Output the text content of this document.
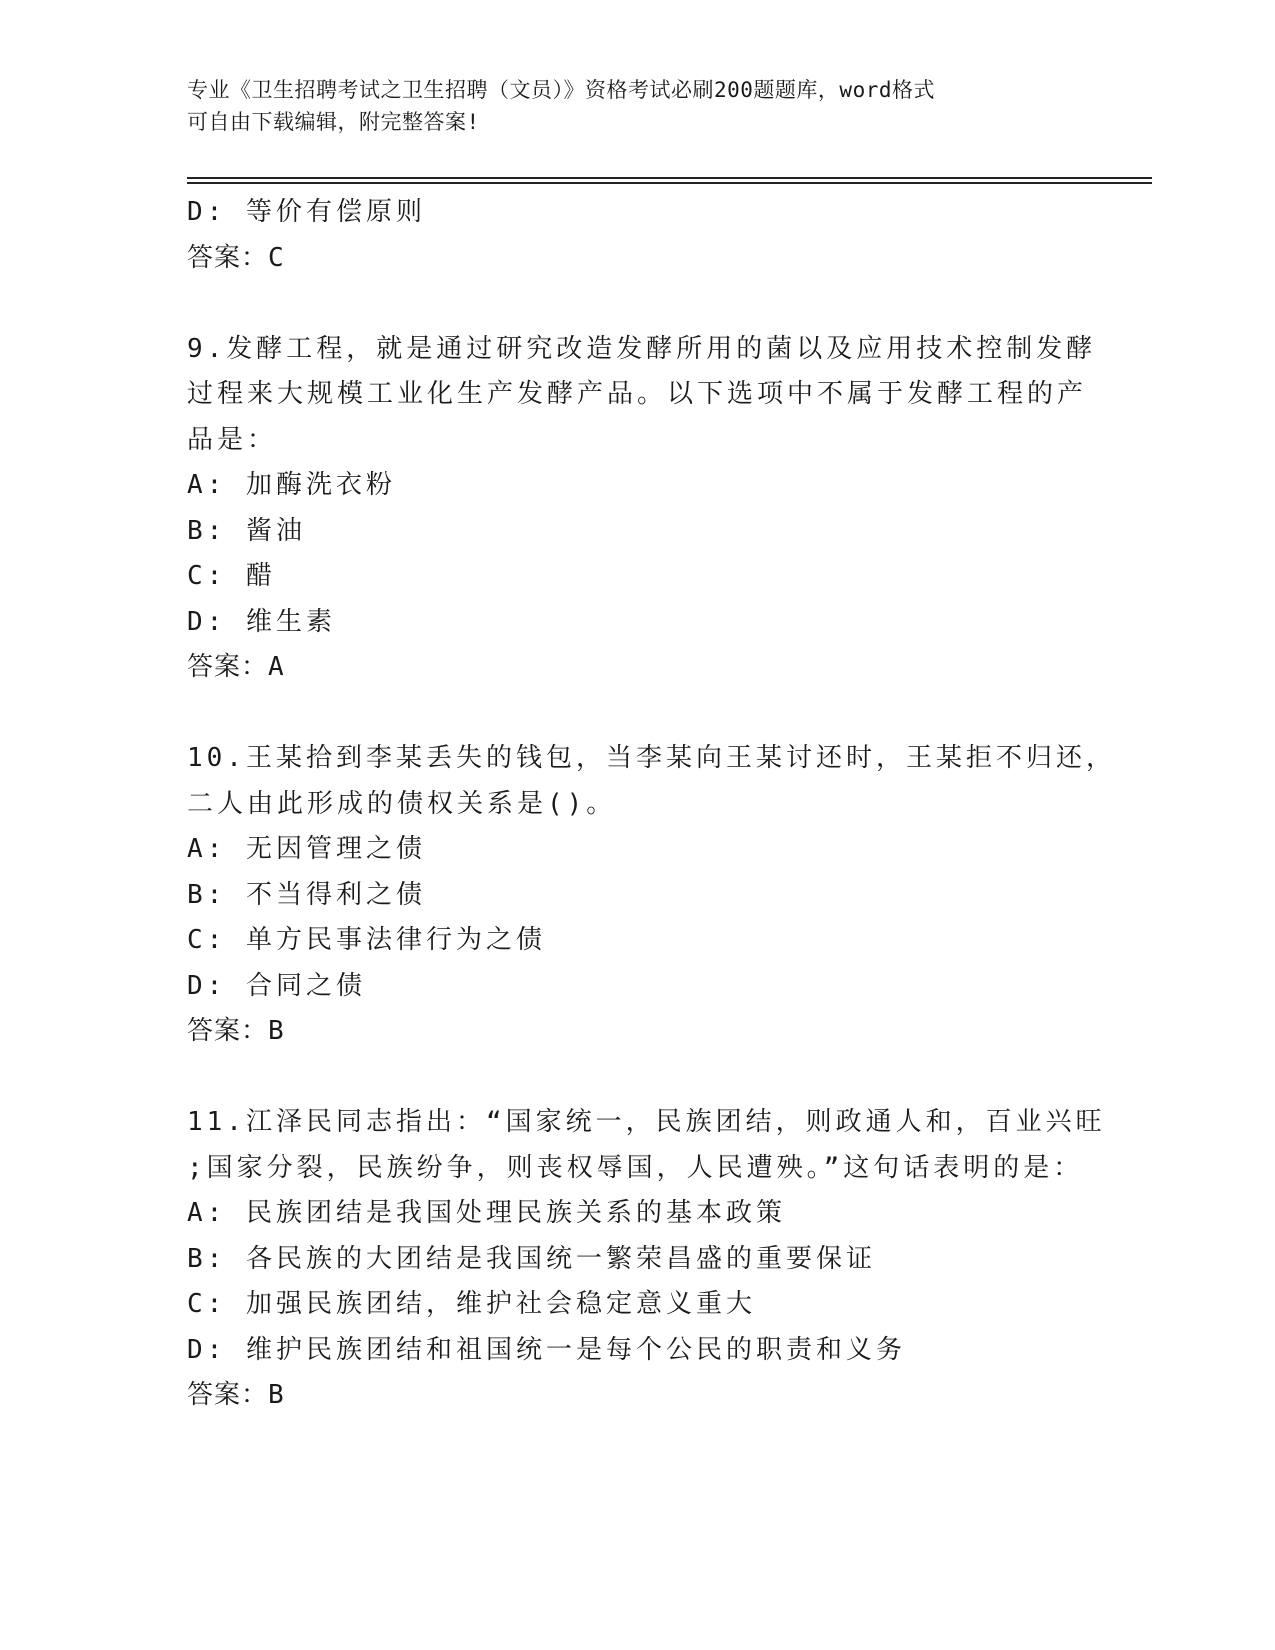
专业《卫生招聘考试之卫生招聘（文员）》资格考试必刷200题题库，word格式
可自由下载编辑，附完整答案!
D: 等价有偿原则
答案：C
9.发酵工程，就是通过研究改造发酵所用的菌以及应用技术控制发酵
过程来大规模工业化生产发酵产品。以下选项中不属于发酵工程的产
品是：
A: 加酶洗衣粉
B: 酱油
C: 醋
D: 维生素
答案：A
10.王某拾到李某丢失的钱包，当李某向王某讨还时，王某拒不归还，
二人由此形成的债权关系是()。
A: 无因管理之债
B: 不当得利之债
C: 单方民事法律行为之债
D: 合同之债
答案：B
11.江泽民同志指出：“国家统一，民族团结，则政通人和，百业兴旺
;国家分裂，民族纷争，则丧权辱国，人民遭殃。”这句话表明的是：
A: 民族团结是我国处理民族关系的基本政策
B: 各民族的大团结是我国统一繁荣昌盛的重要保证
C: 加强民族团结，维护社会稳定意义重大
D: 维护民族团结和祖国统一是每个公民的职责和义务
答案：B
